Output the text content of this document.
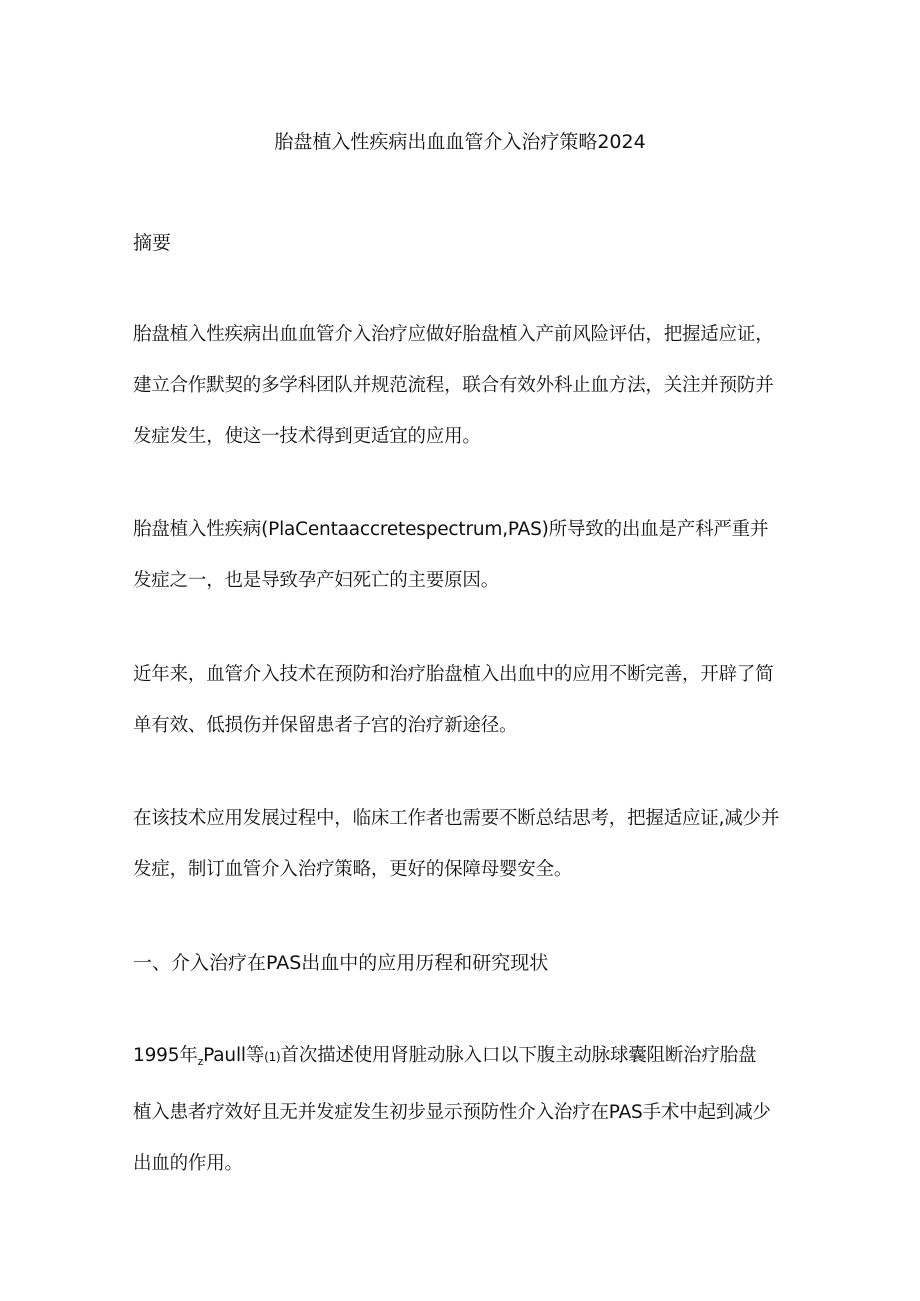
胎盘植入性疾病出血血管介入治疗策略2024
摘要
胎盘植入性疾病出血血管介入治疗应做好胎盘植入产前风险评估，把握适应证，
建立合作默契的多学科团队并规范流程，联合有效外科止血方法，关注并预防并
发症发生，使这一技术得到更适宜的应用。
胎盘植入性疾病(PlaCentaaccretespectrum,PAS)所导致的出血是产科严重并
发症之一，也是导致孕产妇死亡的主要原因。
近年来，血管介入技术在预防和治疗胎盘植入出血中的应用不断完善，开辟了简
单有效、低损伤并保留患者子宫的治疗新途径。
在该技术应用发展过程中，临床工作者也需要不断总结思考，把握适应证,减少并
发症，制订血管介入治疗策略，更好的保障母婴安全。
一、介入治疗在PAS出血中的应用历程和研究现状
1995年$_z$Paull等(1)首次描述使用肾脏动脉入口以下腹主动脉球囊阻断治疗胎盘
植入患者疗效好且无并发症发生初步显示预防性介入治疗在PAS手术中起到减少
出血的作用。
